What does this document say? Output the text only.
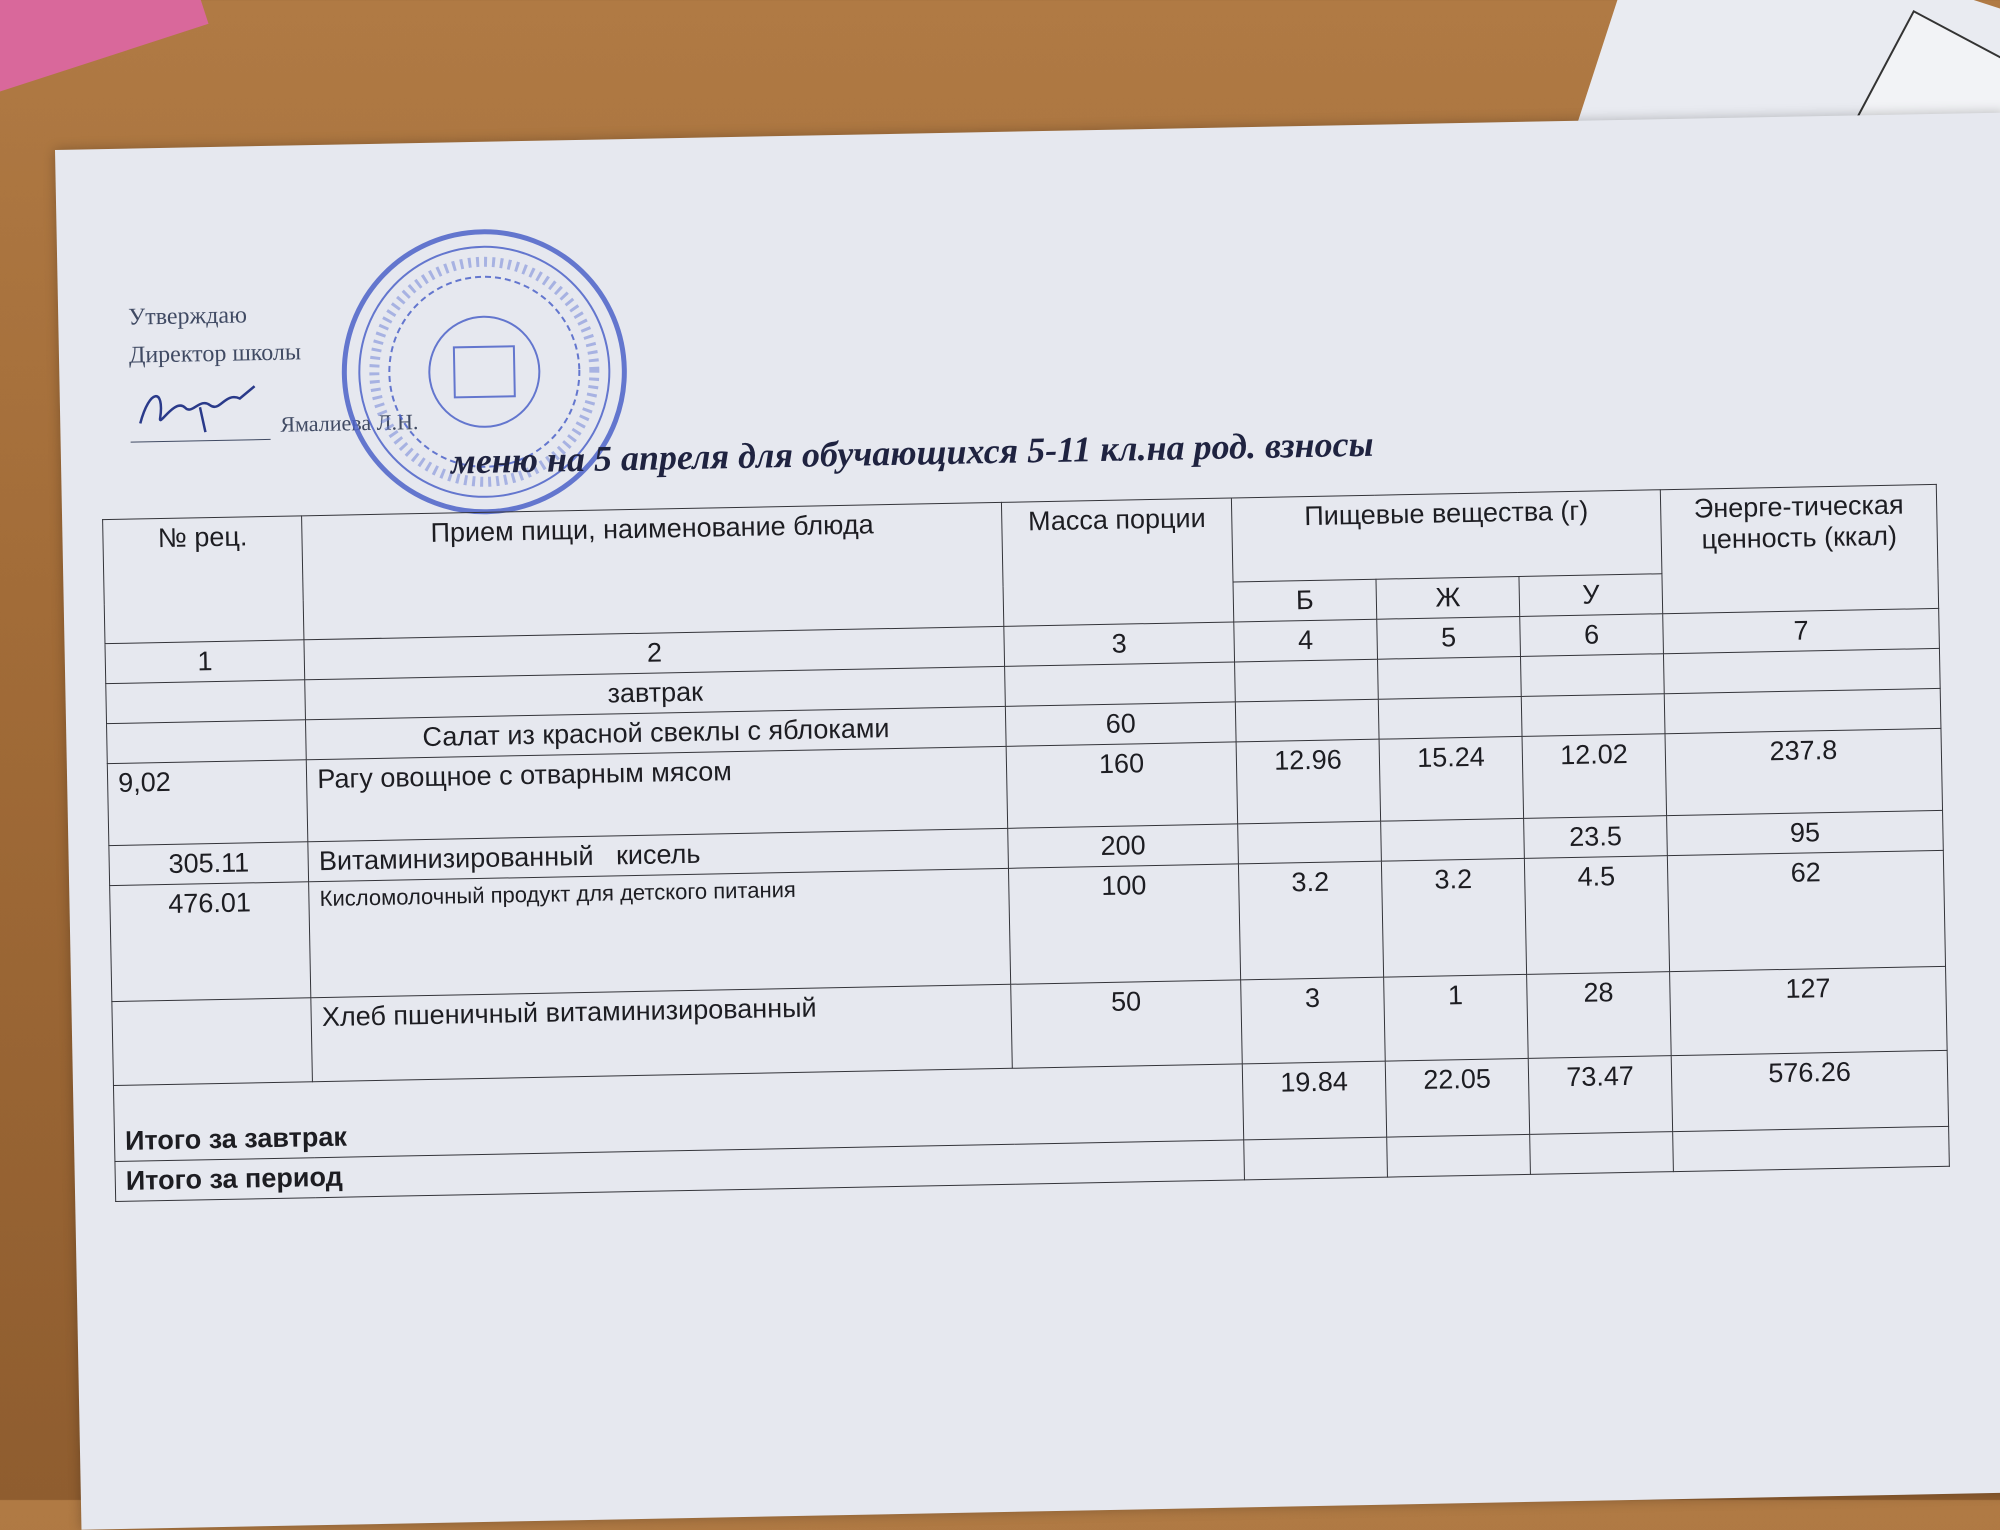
Утверждаю
Директор школы
Ямалиева Л.Н.
меню на 5 апреля для обучающихся 5-11 кл.на род. взносы
№ рец.	Прием пищи, наименование блюда	Масса порции	Пищевые вещества (г)			Энерге-тическая ценность (ккал)
			Б	Ж	У	
1	2	3	4	5	6	7
	завтрак					
	Салат из красной свеклы с яблоками	60				
9,02	Рагу овощное с отварным мясом	160	12.96	15.24	12.02	237.8
305.11	Витаминизированный   кисель	200			23.5	95
476.01	Кисломолочный продукт для детского питания	100	3.2	3.2	4.5	62
	Хлеб пшеничный витаминизированный	50	3	1	28	127
Итого за завтрак			19.84	22.05	73.47	576.26
Итого за период						
